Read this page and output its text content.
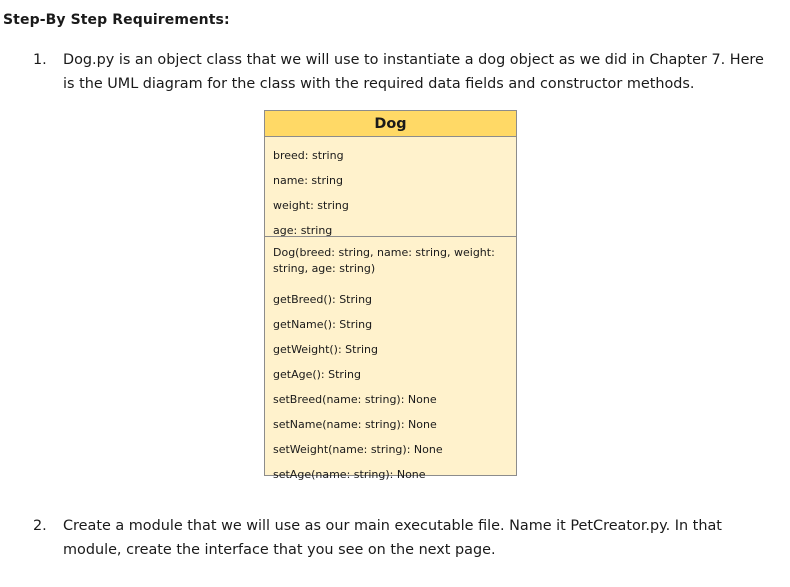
Step-By Step Requirements:
1. Dog.py is an object class that we will use to instantiate a dog object as we did in Chapter 7. Here
is the UML diagram for the class with the required data fields and constructor methods.
Dog
breed: string
name: string
weight: string
age: string
Dog(breed: string, name: string, weight: string, age: string)
getBreed(): String
getName(): String
getWeight(): String
getAge(): String
setBreed(name: string): None
setName(name: string): None
setWeight(name: string): None
setAge(name: string): None
2. Create a module that we will use as our main executable file. Name it PetCreator.py. In that
module, create the interface that you see on the next page.
